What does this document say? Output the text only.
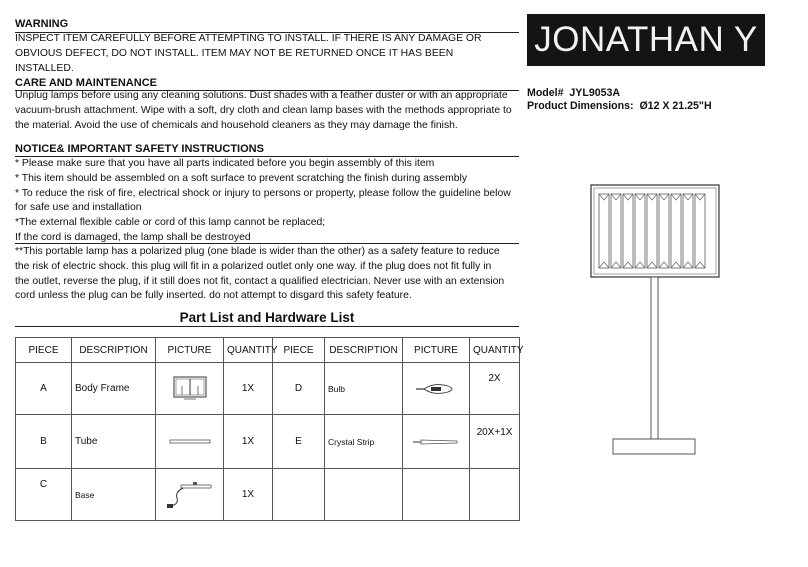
WARNING
INSPECT ITEM CAREFULLY BEFORE ATTEMPTING TO INSTALL. IF THERE IS ANY DAMAGE OR
OBVIOUS DEFECT, DO NOT INSTALL. ITEM MAY NOT BE RETURNED ONCE IT HAS BEEN
INSTALLED.
CARE AND MAINTENANCE
Unplug lamps before using any cleaning solutions. Dust shades with a feather duster or with an appropriate
vacuum-brush attachment. Wipe with a soft, dry cloth and clean lamp bases with the methods appropriate to
the material. Avoid the use of chemicals and household cleaners as they may damage the finish.
NOTICE& IMPORTANT SAFETY INSTRUCTIONS
* Please make sure that you have all parts indicated before you begin assembly of this item
* This item should be assembled on a soft surface to prevent scratching the finish during assembly
* To reduce the risk of fire, electrical shock or injury to persons or property, please follow the guideline below
for safe use and installation
*The external flexible cable or cord of this lamp cannot be replaced;
If the cord is damaged, the lamp shall be destroyed
**This portable lamp has a polarized plug (one blade is wider than the other) as a safety feature to reduce
the risk of electric shock. this plug will fit in a polarized outlet only one way. if the plug does not fit fully in
the outlet, reverse the plug, if it still does not fit, contact a qualified electrician. Never use with an extension
cord unless the plug can be fully inserted. do not attempt to disgard this safety feature.
Part List and Hardware List
PIECE	DESCRIPTION	PICTURE	QUANTITY	PIECE	DESCRIPTION	PICTURE	QUANTITY
A	Body Frame		1X	D	Bulb		2X
B	Tube		1X	E	Crystal Strip		20X+1X
C	Base		1X				
JONATHAN Y
Model# JYL9053A
Product Dimensions: Ø12 X 21.25"H
